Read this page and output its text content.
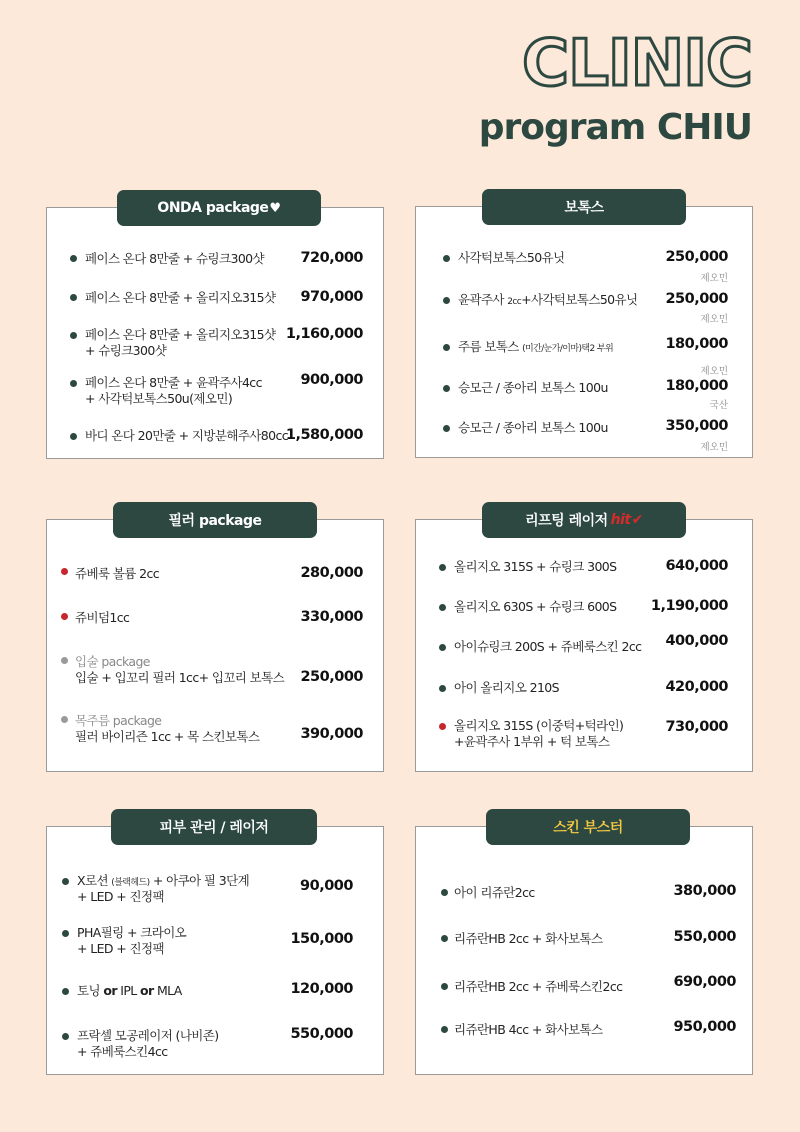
CLINIC
program CHIU
ONDA package ♥
페이스 온다 8만줄 + 슈링크300샷	720,000
페이스 온다 8만줄 + 올리지오315샷 970,000
페이스 온다 8만줄 + 올리지오315샷
+ 슈링크300샷
1,160,000
페이스 온다 8만줄 + 윤곽주사4cc
+ 사각턱보톡스50u(제오민)
900,000
바디 온다 20만줄 + 지방분해주사80cc
1,580,000
보톡스
사각턱보톡스50유닛	250,000
제오민
윤곽주사 2cc+사각턱보톡스50유닛 250,000
제오민
주름 보톡스 (미간/눈가/이마)택2 부위	180,000
제오민
승모근 / 종아리 보톡스 100u	180,000
국산
승모근 / 종아리 보톡스 100u	350,000
제오민
필러 package
쥬베룩 볼륨 2cc	280,000
쥬비덤1cc	330,000
입술 package
입술 + 입꼬리 필러 1cc+ 입꼬리 보톡스 250,000
목주름 package
필러 바이리즌 1cc + 목 스킨보톡스	390,000
리프팅 레이저 hit ✔
올리지오 315S + 슈링크 300S	640,000
올리지오 630S + 슈링크 600S 1,190,000
아이슈링크 200S + 쥬베룩스킨 2cc 400,000
아이 올리지오 210S	420,000
올리지오 315S (이중턱+턱라인)
+윤곽주사 1부위 + 턱 보톡스
730,000
피부 관리 / 레이저
X로션 (블랙헤드) + 아쿠아 필 3단계
+ LED + 진정팩
90,000
PHA필링 + 크라이오
+ LED + 진정팩
150,000
토닝 or IPL or MLA	120,000
프락셀 모공레이저 (나비존)
+ 쥬베룩스킨4cc
550,000
스킨 부스터
아이 리쥬란2cc	380,000
리쥬란HB 2cc + 화사보톡스	550,000
리쥬란HB 2cc + 쥬베룩스킨2cc	690,000
리쥬란HB 4cc + 화사보톡스	950,000
